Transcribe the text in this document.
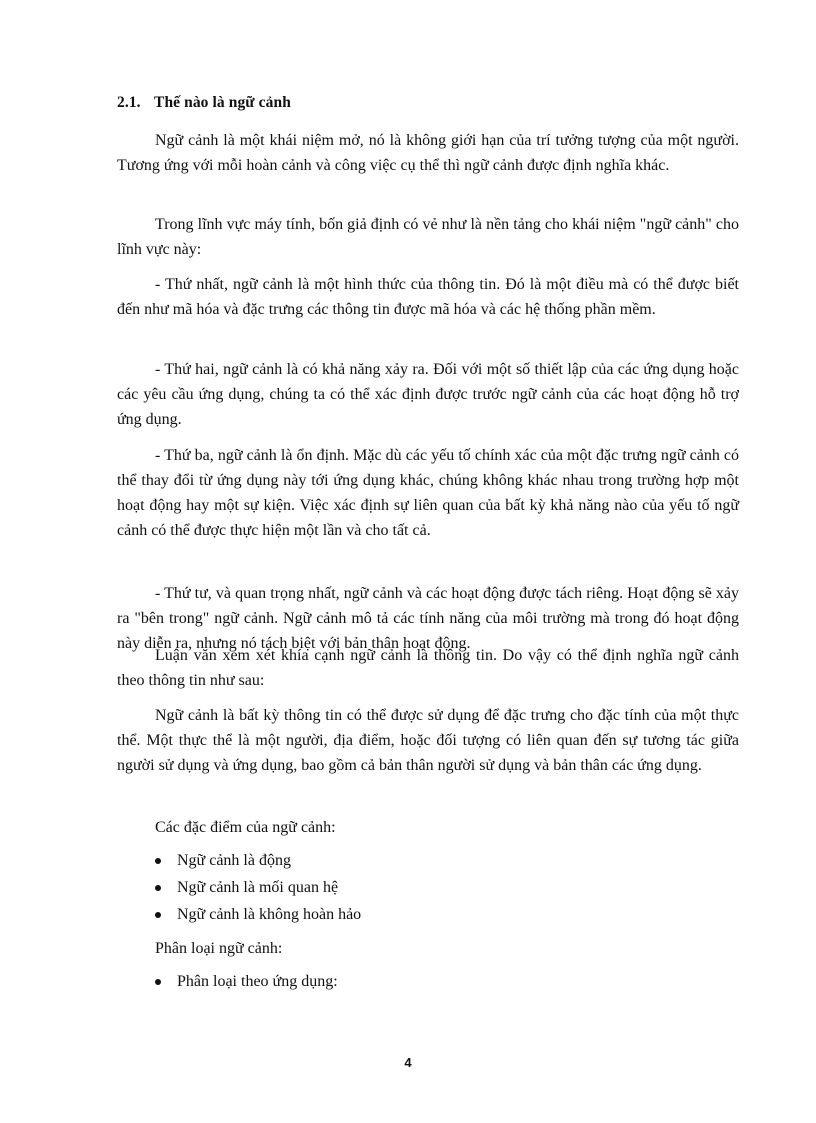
2.1. Thế nào là ngữ cảnh

Ngữ cảnh là một khái niệm mở, nó là không giới hạn của trí tưởng tượng của một người. Tương ứng với mỗi hoàn cảnh và công việc cụ thể thì ngữ cảnh được định nghĩa khác.

Trong lĩnh vực máy tính, bốn giả định có vẻ như là nền tảng cho khái niệm "ngữ cảnh" cho lĩnh vực này:

- Thứ nhất, ngữ cảnh là một hình thức của thông tin. Đó là một điều mà có thể được biết đến như mã hóa và đặc trưng các thông tin được mã hóa và các hệ thống phần mềm.

- Thứ hai, ngữ cảnh là có khả năng xảy ra. Đối với một số thiết lập của các ứng dụng hoặc các yêu cầu ứng dụng, chúng ta có thể xác định được trước ngữ cảnh của các hoạt động hỗ trợ ứng dụng.

- Thứ ba, ngữ cảnh là ổn định. Mặc dù các yếu tố chính xác của một đặc trưng ngữ cảnh có thể thay đổi từ ứng dụng này tới ứng dụng khác, chúng không khác nhau trong trường hợp một hoạt động hay một sự kiện. Việc xác định sự liên quan của bất kỳ khả năng nào của yếu tố ngữ cảnh có thể được thực hiện một lần và cho tất cả.

- Thứ tư, và quan trọng nhất, ngữ cảnh và các hoạt động được tách riêng. Hoạt động sẽ xảy ra "bên trong" ngữ cảnh. Ngữ cảnh mô tả các tính năng của môi trường mà trong đó hoạt động này diễn ra, nhưng nó tách biệt với bản thân hoạt động.

Luận văn xem xét khía cạnh ngữ cảnh là thông tin. Do vậy có thể định nghĩa ngữ cảnh theo thông tin như sau:

Ngữ cảnh là bất kỳ thông tin có thể được sử dụng để đặc trưng cho đặc tính của một thực thể. Một thực thể là một người, địa điểm, hoặc đối tượng có liên quan đến sự tương tác giữa người sử dụng và ứng dụng, bao gồm cả bản thân người sử dụng và bản thân các ứng dụng.

Các đặc điểm của ngữ cảnh:

Ngữ cảnh là động
Ngữ cảnh là mối quan hệ
Ngữ cảnh là không hoàn hảo

Phân loại ngữ cảnh:

Phân loại theo ứng dụng:
4
